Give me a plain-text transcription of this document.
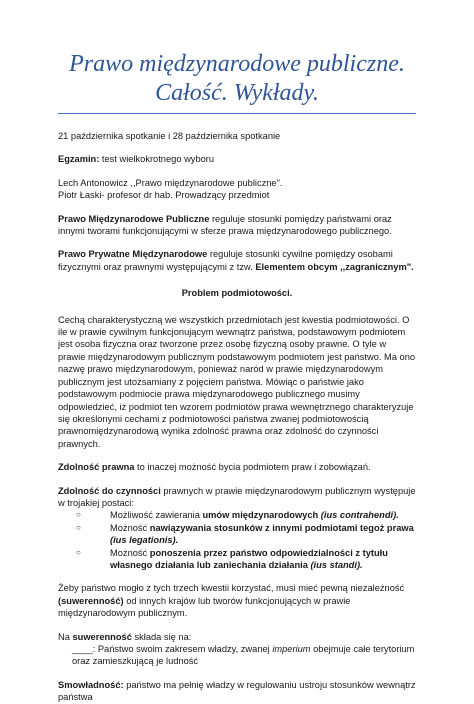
Prawo międzynarodowe publiczne.
Całość. Wykłady.

21 października spotkanie i 28 października spotkanie

Egzamin: test wielkokrotnego wyboru

Lech Antonowicz ,,Prawo międzynarodowe publiczne".

Piotr Łaski- profesor dr hab. Prowadzący przedmiot

Prawo Międzynarodowe Publiczne reguluje stosunki pomiędzy państwami oraz innymi tworami funkcjonującymi w sferze prawa międzynarodowego publicznego.

Prawo Prywatne Międzynarodowe reguluje stosunki cywilne pomiędzy osobami fizycznymi oraz prawnymi występującymi z tzw. Elementem obcym ,,zagranicznym".

Problem podmiotowości.

Cechą charakterystyczną we wszystkich przedmiotach jest kwestia podmiotowości. O ile w prawie cywilnym funkcjonującym wewnątrz państwa, podstawowym podmiotem jest osoba fizyczna oraz tworzone przez osobę fizyczną osoby prawne. O tyle w prawie międzynarodowym publicznym podstawowym podmiotem jest państwo. Ma ono nazwę prawo międzynarodowym, ponieważ naród w prawie międzynarodowym publicznym jest utożsamiany z pojęciem państwa. Mówiąc o państwie jako podstawowym podmiocie prawa międzynarodowego publicznego musimy odpowiedzieć, iż podmiot ten wzorem podmiotów prawa wewnętrznego charakteryzuje się określonymi cechami z podmiotowości państwa zwanej podmiotowością prawnomiędzynarodową wynika zdolność prawna oraz zdolność do czynności prawnych.

Zdolność prawna to inaczej możność bycia podmiotem praw i zobowiązań.

Zdolność do czynności prawnych w prawie międzynarodowym publicznym występuje w trojakiej postaci:

○	Możliwość zawierania umów międzynarodowych (ius contrahendi).
○	Możność nawiązywania stosunków z innymi podmiotami tegoż prawa (ius legationis).
○	Możność ponoszenia przez państwo odpowiedzialności z tytułu własnego działania lub zaniechania działania (ius standi).

Żeby państwo mogło z tych trzech kwestii korzystać, musi mieć pewną niezależność (suwerenność) od innych krajów lub tworów funkcjonujących w prawie międzynarodowym publicznym.

Na suwerenność składa się na:

____: Państwo swoim zakresem władzy, zwanej imperium obejmuje całe terytorium oraz zamieszkującą je ludność

Smowładność: państwo ma pełnię władzy w regulowaniu ustroju stosunków wewnątrz państwa
